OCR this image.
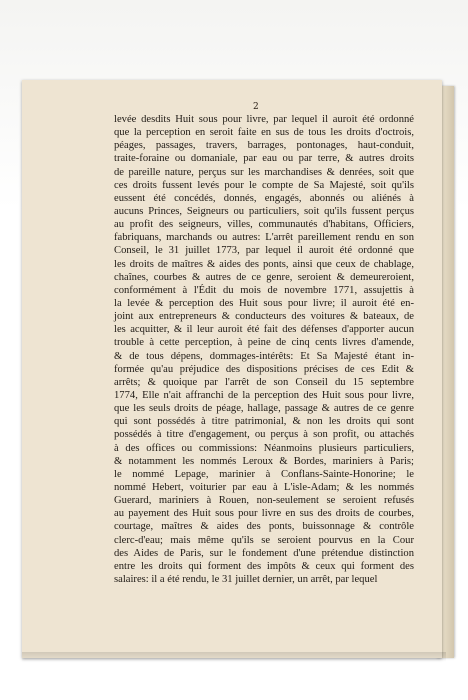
2
levée desdits Huit sous pour livre, par lequel il auroit été ordonné
que la perception en seroit faite en sus de tous les droits d'octrois,
péages, passages, travers, barrages, pontonages, haut-conduit,
traite-foraine ou domaniale, par eau ou par terre, & autres droits
de pareille nature, perçus sur les marchandises & denrées, soit que
ces droits fussent levés pour le compte de Sa Majesté, soit qu'ils
eussent été concédés, donnés, engagés, abonnés ou aliénés à
aucuns Princes, Seigneurs ou particuliers, soit qu'ils fussent perçus
au profit des seigneurs, villes, communautés d'habitans, Officiers,
fabriquans, marchands ou autres: L'arrêt pareillement rendu en son
Conseil, le 31 juillet 1773, par lequel il auroit été ordonné que
les droits de maîtres & aides des ponts, ainsi que ceux de chablage,
chaînes, courbes & autres de ce genre, seroient & demeureroient,
conformément à l'Édit du mois de novembre 1771, assujettis à
la levée & perception des Huit sous pour livre; il auroit été en-
joint aux entrepreneurs & conducteurs des voitures & bateaux, de
les acquitter, & il leur auroit été fait des défenses d'apporter aucun
trouble à cette perception, à peine de cinq cents livres d'amende,
& de tous dépens, dommages-intérêts: Et Sa Majesté étant in-
formée qu'au préjudice des dispositions précises de ces Edit &
arrêts; & quoique par l'arrêt de son Conseil du 15 septembre
1774, Elle n'ait affranchi de la perception des Huit sous pour livre,
que les seuls droits de péage, hallage, passage & autres de ce genre
qui sont possédés à titre patrimonial, & non les droits qui sont
possédés à titre d'engagement, ou perçus à son profit, ou attachés
à des offices ou commissions: Néanmoins plusieurs particuliers,
& notamment les nommés Leroux & Bordes, mariniers à Paris;
le nommé Lepage, marinier à Conflans-Sainte-Honorine; le
nommé Hebert, voiturier par eau à L'isle-Adam; & les nommés
Guerard, mariniers à Rouen, non-seulement se seroient refusés
au payement des Huit sous pour livre en sus des droits de courbes,
courtage, maîtres & aides des ponts, buissonnage & contrôle
clerc-d'eau; mais même qu'ils se seroient pourvus en la Cour
des Aides de Paris, sur le fondement d'une prétendue distinction
entre les droits qui forment des impôts & ceux qui forment des
salaires: il a été rendu, le 31 juillet dernier, un arrêt, par lequel
